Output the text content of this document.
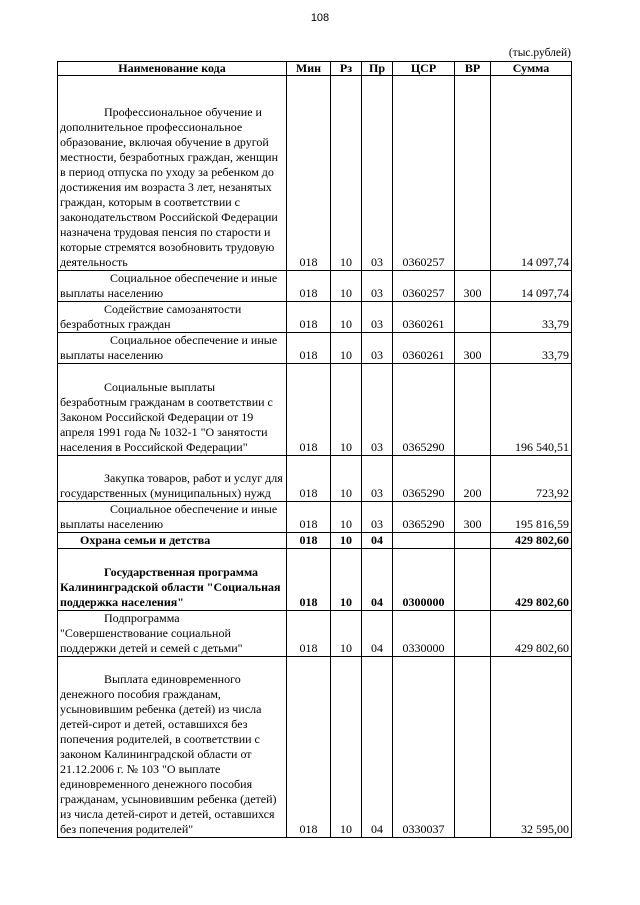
108
(тыс.рублей)
Наименование кода	Мин	Рз	Пр	ЦСР	ВР	Сумма
Профессиональное обучение и дополнительное профессиональное образование, включая обучение в другой местности, безработных граждан, женщин в период отпуска по уходу за ребенком до достижения им возраста 3 лет, незанятых граждан, которым в соответствии с законодательством Российской Федерации назначена трудовая пенсия по старости и которые стремятся возобновить трудовую деятельность	018	10	03	0360257		14 097,74
Социальное обеспечение и иные выплаты населению	018	10	03	0360257	300	14 097,74
Содействие самозанятости безработных граждан	018	10	03	0360261		33,79
Социальное обеспечение и иные выплаты населению	018	10	03	0360261	300	33,79
Социальные выплаты безработным гражданам в соответствии с Законом Российской Федерации от 19 апреля 1991 года № 1032-1 "О занятости населения в Российской Федерации"	018	10	03	0365290		196 540,51
Закупка товаров, работ и услуг для государственных (муниципальных) нужд	018	10	03	0365290	200	723,92
Социальное обеспечение и иные выплаты населению	018	10	03	0365290	300	195 816,59
Охрана семьи и детства	018	10	04			429 802,60
Государственная программа Калининградской области "Социальная поддержка населения"	018	10	04	0300000		429 802,60
Подпрограмма "Совершенствование социальной поддержки детей и семей с детьми"	018	10	04	0330000		429 802,60
Выплата единовременного денежного пособия гражданам, усыновившим ребенка (детей) из числа детей-сирот и детей, оставшихся без попечения родителей, в соответствии с законом Калининградской области от 21.12.2006 г. № 103 "О выплате единовременного денежного пособия гражданам, усыновившим ребенка (детей) из числа детей-сирот и детей, оставшихся без попечения родителей"	018	10	04	0330037		32 595,00
